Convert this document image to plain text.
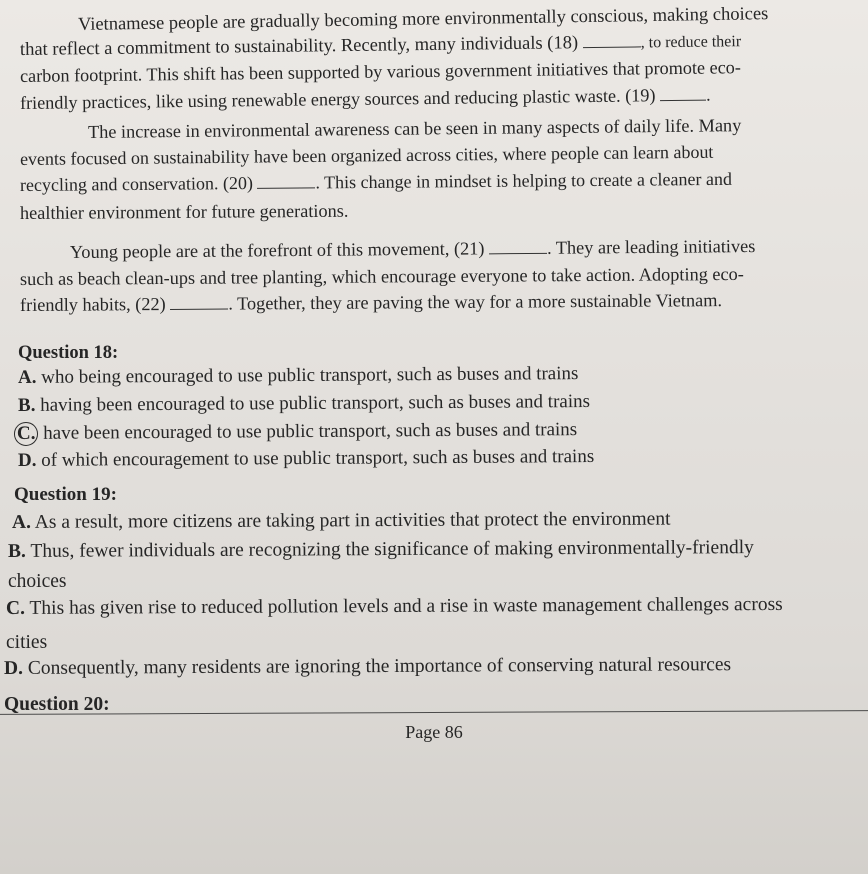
Vietnamese people are gradually becoming more environmentally conscious, making choices
that reflect a commitment to sustainability. Recently, many individuals (18)	, to reduce their
carbon footprint. This shift has been supported by various government initiatives that promote eco-
friendly practices, like using renewable energy sources and reducing plastic waste. (19)	.
The increase in environmental awareness can be seen in many aspects of daily life. Many
events focused on sustainability have been organized across cities, where people can learn about
recycling and conservation. (20)	. This change in mindset is helping to create a cleaner and
healthier environment for future generations.
Young people are at the forefront of this movement, (21)	. They are leading initiatives
such as beach clean-ups and tree planting, which encourage everyone to take action. Adopting eco-
friendly habits, (22)	. Together, they are paving the way for a more sustainable Vietnam.
Question 18:
A. who being encouraged to use public transport, such as buses and trains
B. having been encouraged to use public transport, such as buses and trains
C. have been encouraged to use public transport, such as buses and trains
D. of which encouragement to use public transport, such as buses and trains
Question 19:
A. As a result, more citizens are taking part in activities that protect the environment
B. Thus, fewer individuals are recognizing the significance of making environmentally-friendly
choices
C. This has given rise to reduced pollution levels and a rise in waste management challenges across
cities
D. Consequently, many residents are ignoring the importance of conserving natural resources
Question 20:
Page 86
